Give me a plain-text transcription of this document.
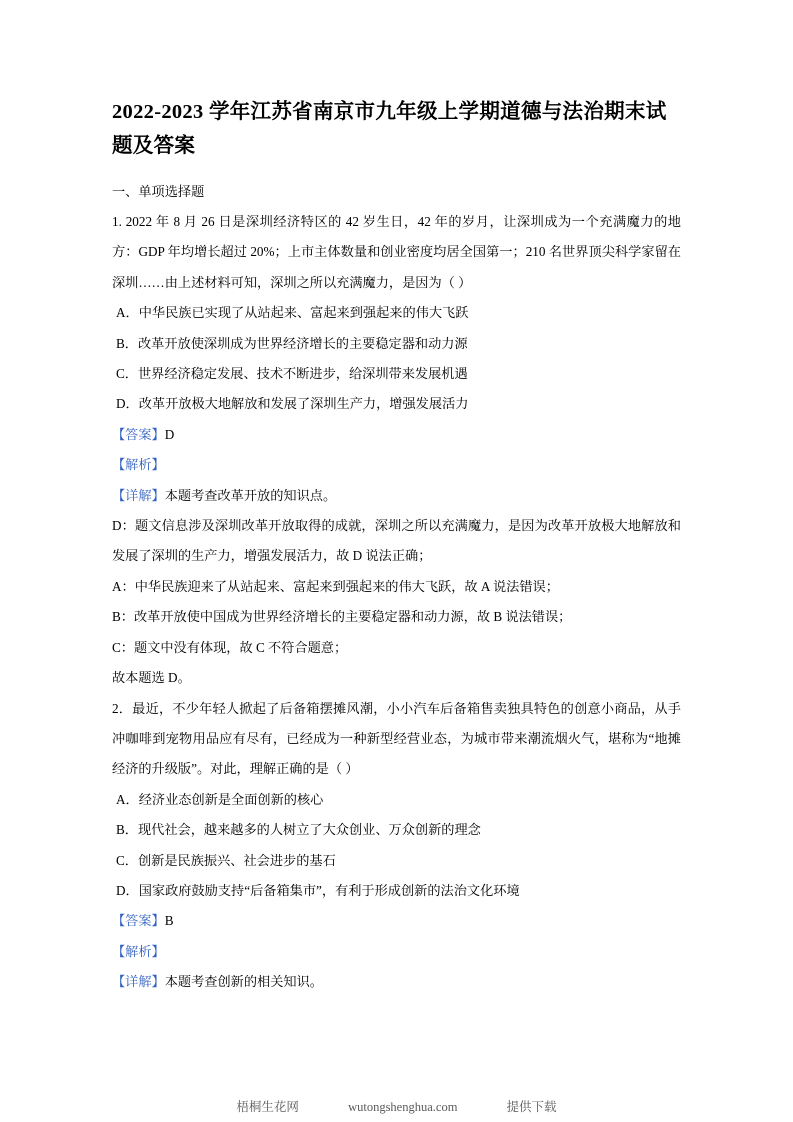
2022-2023 学年江苏省南京市九年级上学期道德与法治期末试题及答案

一、单项选择题

1. 2022 年 8 月 26 日是深圳经济特区的 42 岁生日，42 年的岁月，让深圳成为一个充满魔力的地方：GDP 年均增长超过 20%；上市主体数量和创业密度均居全国第一；210 名世界顶尖科学家留在深圳……由上述材料可知，深圳之所以充满魔力，是因为（ ）

A．中华民族已实现了从站起来、富起来到强起来的伟大飞跃

B．改革开放使深圳成为世界经济增长的主要稳定器和动力源

C．世界经济稳定发展、技术不断进步，给深圳带来发展机遇

D．改革开放极大地解放和发展了深圳生产力，增强发展活力

【答案】D

【解析】

【详解】本题考查改革开放的知识点。

D：题文信息涉及深圳改革开放取得的成就，深圳之所以充满魔力，是因为改革开放极大地解放和发展了深圳的生产力，增强发展活力，故 D 说法正确；

A：中华民族迎来了从站起来、富起来到强起来的伟大飞跃，故 A 说法错误；

B：改革开放使中国成为世界经济增长的主要稳定器和动力源，故 B 说法错误；

C：题文中没有体现，故 C 不符合题意；

故本题选 D。

2．最近，不少年轻人掀起了后备箱摆摊风潮，小小汽车后备箱售卖独具特色的创意小商品，从手冲咖啡到宠物用品应有尽有，已经成为一种新型经营业态，为城市带来潮流烟火气，堪称为“地摊经济的升级版”。对此，理解正确的是（ ）

A．经济业态创新是全面创新的核心

B．现代社会，越来越多的人树立了大众创业、万众创新的理念

C．创新是民族振兴、社会进步的基石

D．国家政府鼓励支持“后备箱集市”，有利于形成创新的法治文化环境

【答案】B

【解析】

【详解】本题考查创新的相关知识。

梧桐生花网	wutongshenghua.com	提供下载
